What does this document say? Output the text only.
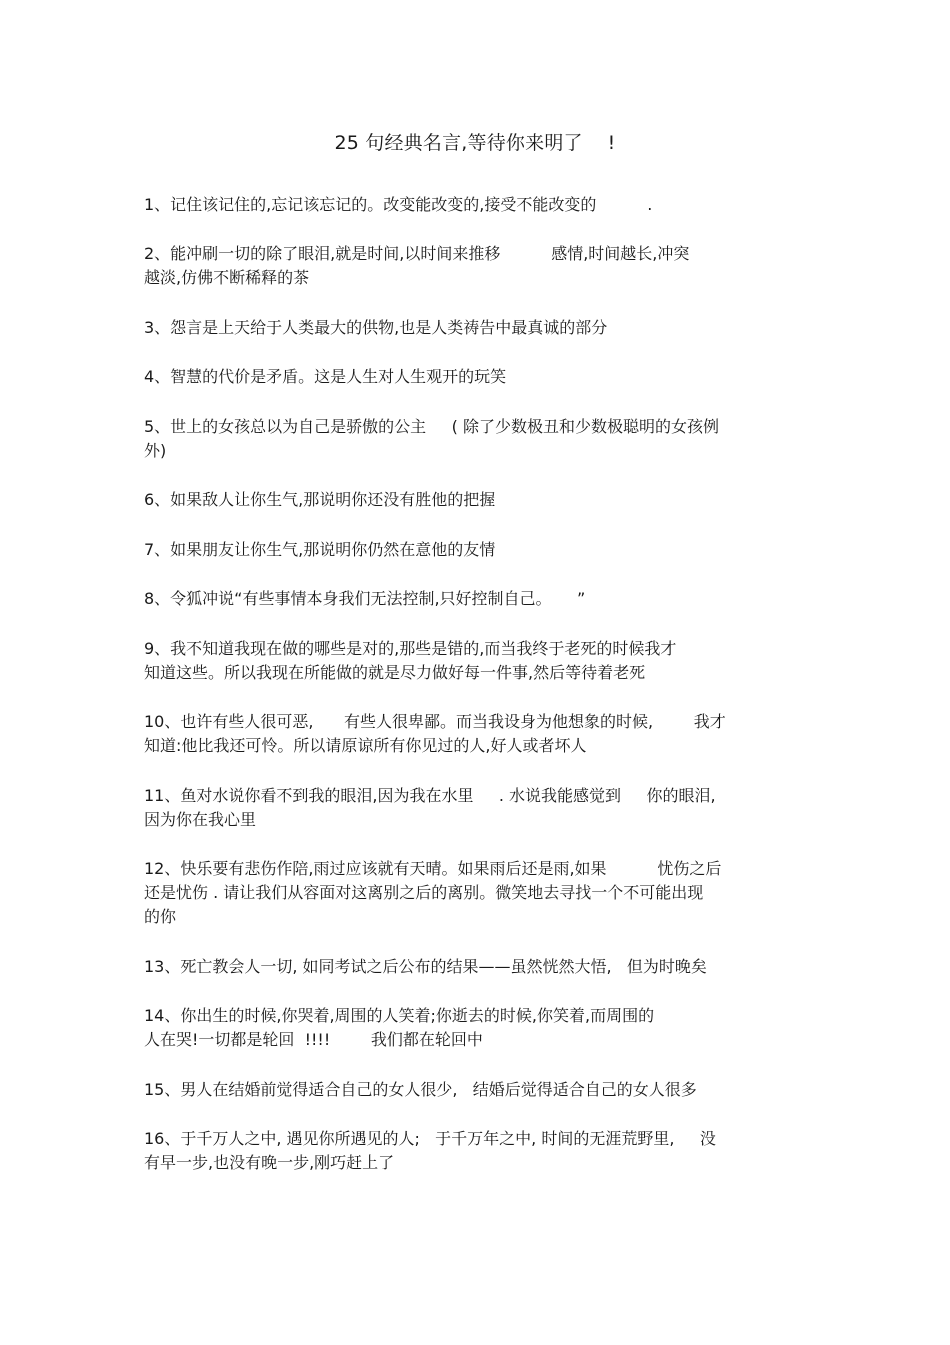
25 句经典名言,等待你来明了    !

1、记住该记住的,忘记该忘记的。改变能改变的,接受不能改变的          .

2、能冲刷一切的除了眼泪,就是时间,以时间来推移          感情,时间越长,冲突

越淡,仿佛不断稀释的茶

3、怨言是上天给于人类最大的供物,也是人类祷告中最真诚的部分

4、智慧的代价是矛盾。这是人生对人生观开的玩笑

5、世上的女孩总以为自己是骄傲的公主     ( 除了少数极丑和少数极聪明的女孩例

外)

6、如果敌人让你生气,那说明你还没有胜他的把握

7、如果朋友让你生气,那说明你仍然在意他的友情

8、令狐冲说“有些事情本身我们无法控制,只好控制自己。     ”

9、我不知道我现在做的哪些是对的,那些是错的,而当我终于老死的时候我才

知道这些。所以我现在所能做的就是尽力做好每一件事,然后等待着老死

10、也许有些人很可恶,      有些人很卑鄙。而当我设身为他想象的时候,        我才

知道:他比我还可怜。所以请原谅所有你见过的人,好人或者坏人

11、鱼对水说你看不到我的眼泪,因为我在水里     . 水说我能感觉到     你的眼泪,

因为你在我心里

12、快乐要有悲伤作陪,雨过应该就有天晴。如果雨后还是雨,如果          忧伤之后

还是忧伤 . 请让我们从容面对这离别之后的离别。微笑地去寻找一个不可能出现

的你

13、死亡教会人一切, 如同考试之后公布的结果——虽然恍然大悟,   但为时晚矣

14、你出生的时候,你哭着,周围的人笑着;你逝去的时候,你笑着,而周围的

人在哭!一切都是轮回  !!!!        我们都在轮回中

15、男人在结婚前觉得适合自己的女人很少,   结婚后觉得适合自己的女人很多

16、于千万人之中, 遇见你所遇见的人;   于千万年之中, 时间的无涯荒野里,     没

有早一步,也没有晚一步,刚巧赶上了
